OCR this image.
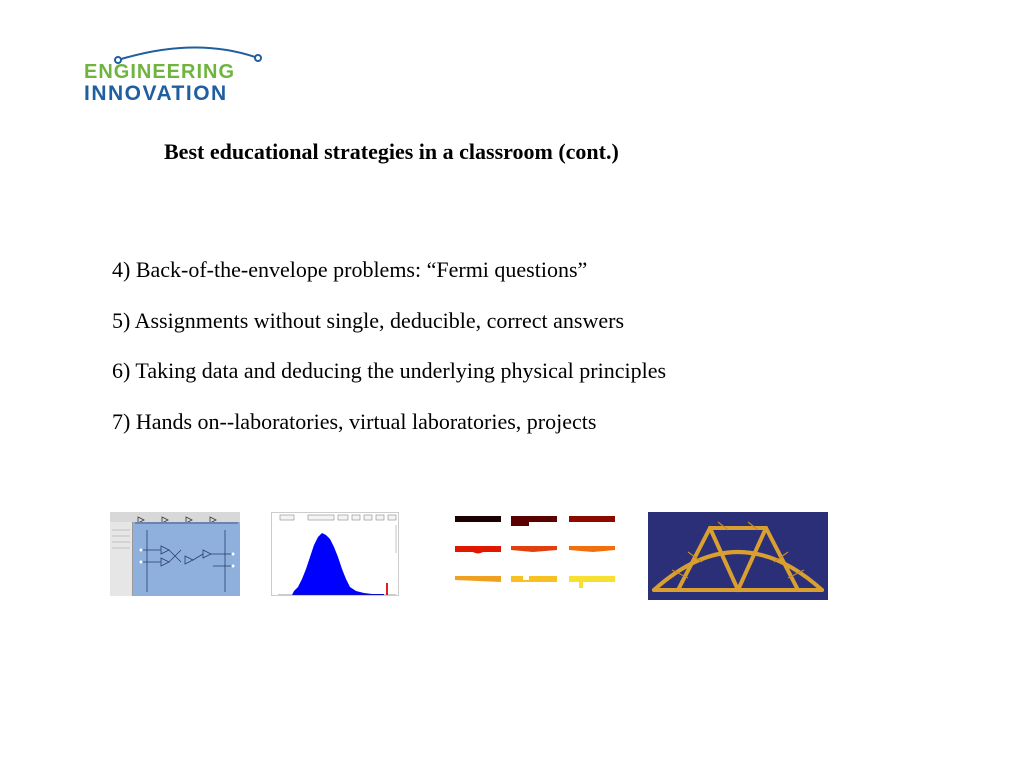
ENGINEERING
INNOVATION
Best educational strategies in a classroom (cont.)
4) Back-of-the-envelope problems: “Fermi questions”
5) Assignments without single, deducible, correct answers
6) Taking data and deducing the underlying physical principles
7) Hands on--laboratories, virtual laboratories, projects
